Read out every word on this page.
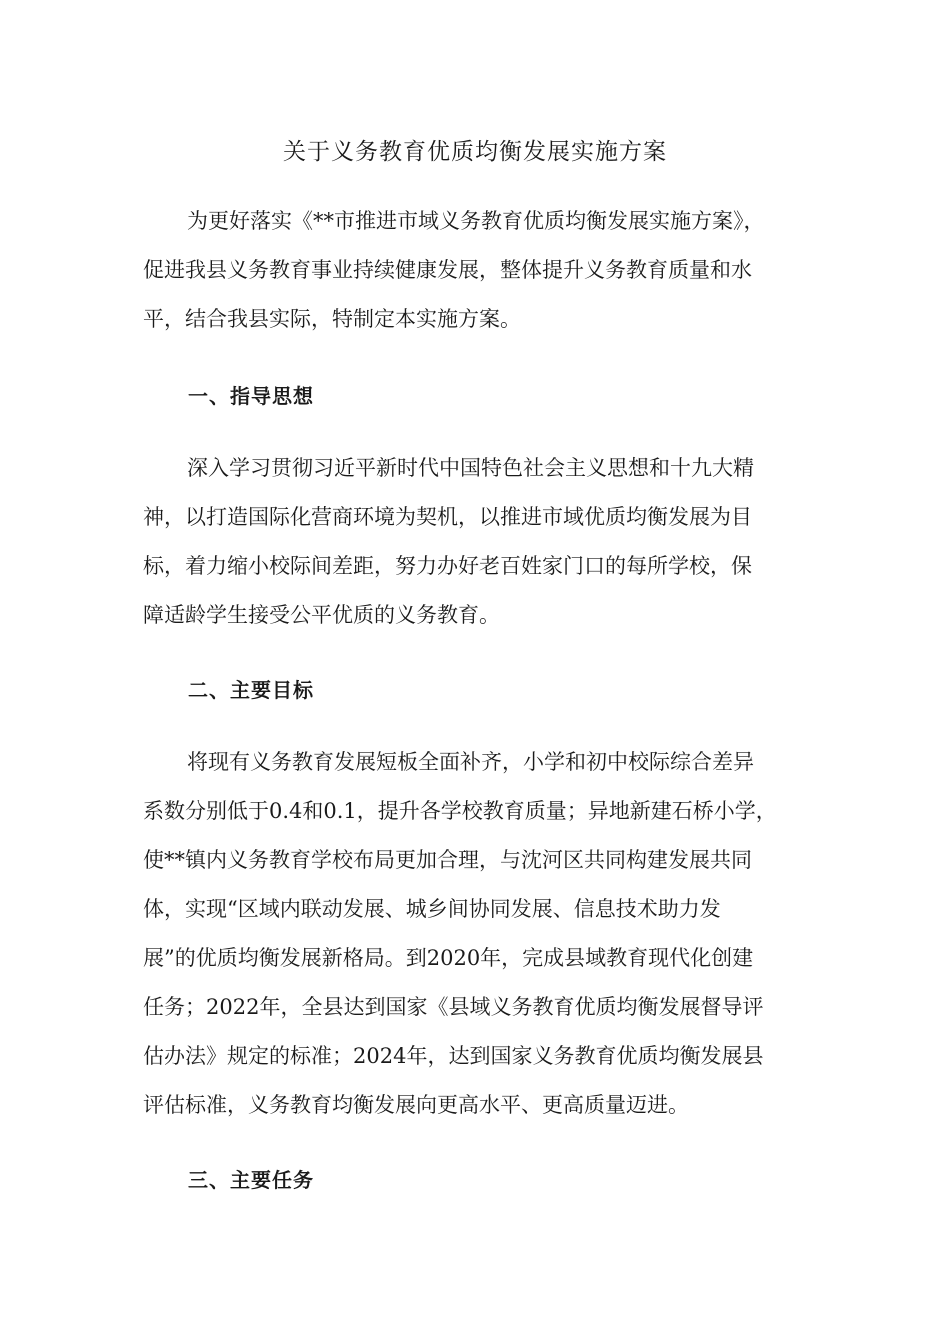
关于义务教育优质均衡发展实施方案

为更好落实《**市推进市域义务教育优质均衡发展实施方案》，
促进我县义务教育事业持续健康发展，整体提升义务教育质量和水
平，结合我县实际，特制定本实施方案。

一、指导思想

深入学习贯彻习近平新时代中国特色社会主义思想和十九大精
神，以打造国际化营商环境为契机，以推进市域优质均衡发展为目
标，着力缩小校际间差距，努力办好老百姓家门口的每所学校，保
障适龄学生接受公平优质的义务教育。

二、主要目标

将现有义务教育发展短板全面补齐，小学和初中校际综合差异
系数分别低于0.4和0.1，提升各学校教育质量；异地新建石桥小学，
使**镇内义务教育学校布局更加合理，与沈河区共同构建发展共同
体，实现“区域内联动发展、城乡间协同发展、信息技术助力发
展”的优质均衡发展新格局。到2020年，完成县域教育现代化创建
任务；2022年，全县达到国家《县域义务教育优质均衡发展督导评
估办法》规定的标准；2024年，达到国家义务教育优质均衡发展县
评估标准，义务教育均衡发展向更高水平、更高质量迈进。

三、主要任务
